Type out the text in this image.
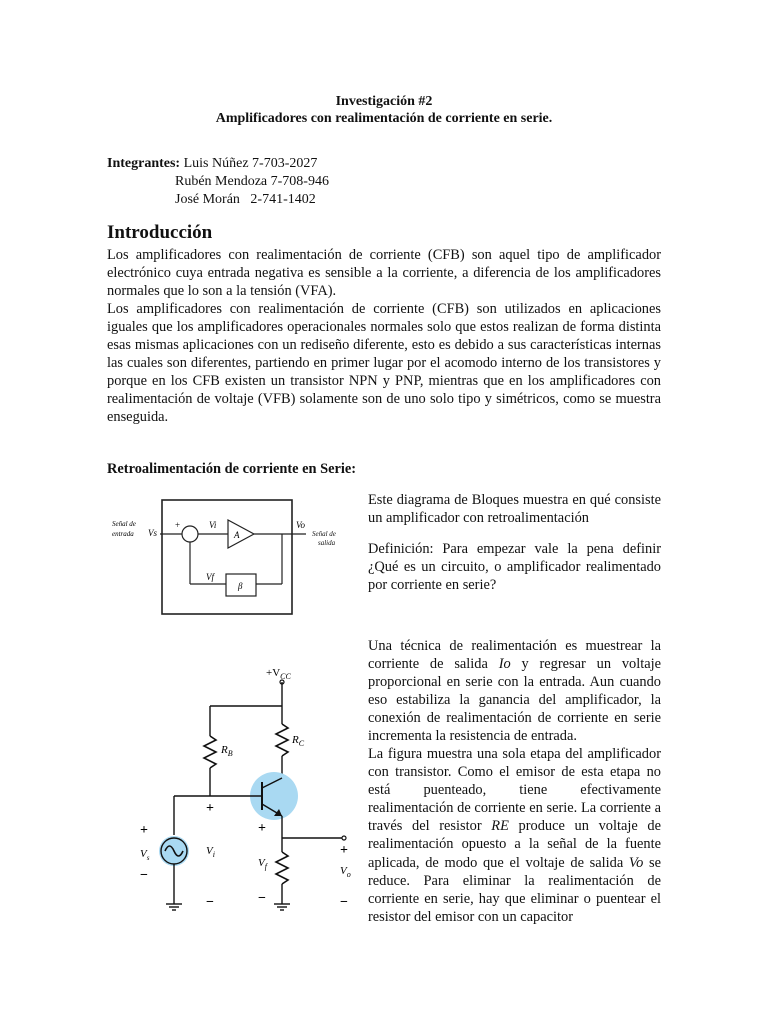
Investigación #2
Amplificadores con realimentación de corriente en serie.
Integrantes: Luis Núñez 7-703-2027
Rubén Mendoza 7-708-946
José Morán   2-741-1402
Introducción

Los amplificadores con realimentación de corriente (CFB) son aquel tipo de amplificador electrónico cuya entrada negativa es sensible a la corriente, a diferencia de los amplificadores normales que lo son a la tensión (VFA).

Los amplificadores con realimentación de corriente (CFB) son utilizados en aplicaciones iguales que los amplificadores operacionales normales solo que estos realizan de forma distinta esas mismas aplicaciones con un rediseño diferente, esto es debido a sus características internas las cuales son diferentes, partiendo en primer lugar por el acomodo interno de los transistores y porque en los CFB existen un transistor NPN y PNP, mientras que en los amplificadores con realimentación de voltaje (VFB) solamente son de uno solo tipo y simétricos, como se muestra enseguida.

Retroalimentación de corriente en Serie:
Señal de
entrada Vs
+	Vi
A
Vo
β
Vf
Señal de
salida

Este diagrama de Bloques muestra en qué consiste un amplificador con retroalimentación

Definición: Para empezar vale la pena definir ¿Qué es un circuito, o amplificador realimentado por corriente en serie?

Una técnica de realimentación es muestrear la corriente de salida Io y regresar un voltaje proporcional en serie con la entrada. Aun cuando eso estabiliza la ganancia del amplificador, la conexión de realimentación de corriente en serie incrementa la resistencia de entrada.

La figura muestra una sola etapa del amplificador con transistor. Como el emisor de esta etapa no está puenteado, tiene efectivamente realimentación de corriente en serie. La corriente a través del resistor RE produce un voltaje de realimentación opuesto a la señal de la fuente aplicada, de modo que el voltaje de salida Vo se reduce. Para eliminar la realimentación de corriente en serie, hay que eliminar o puentear el resistor del emisor con un capacitor

$+V_{CC}$
$R_B$
$R_C$
+
$V_s$
−
+
$V_i$
−
+
$V_f$
−
+
$V_o$
−
